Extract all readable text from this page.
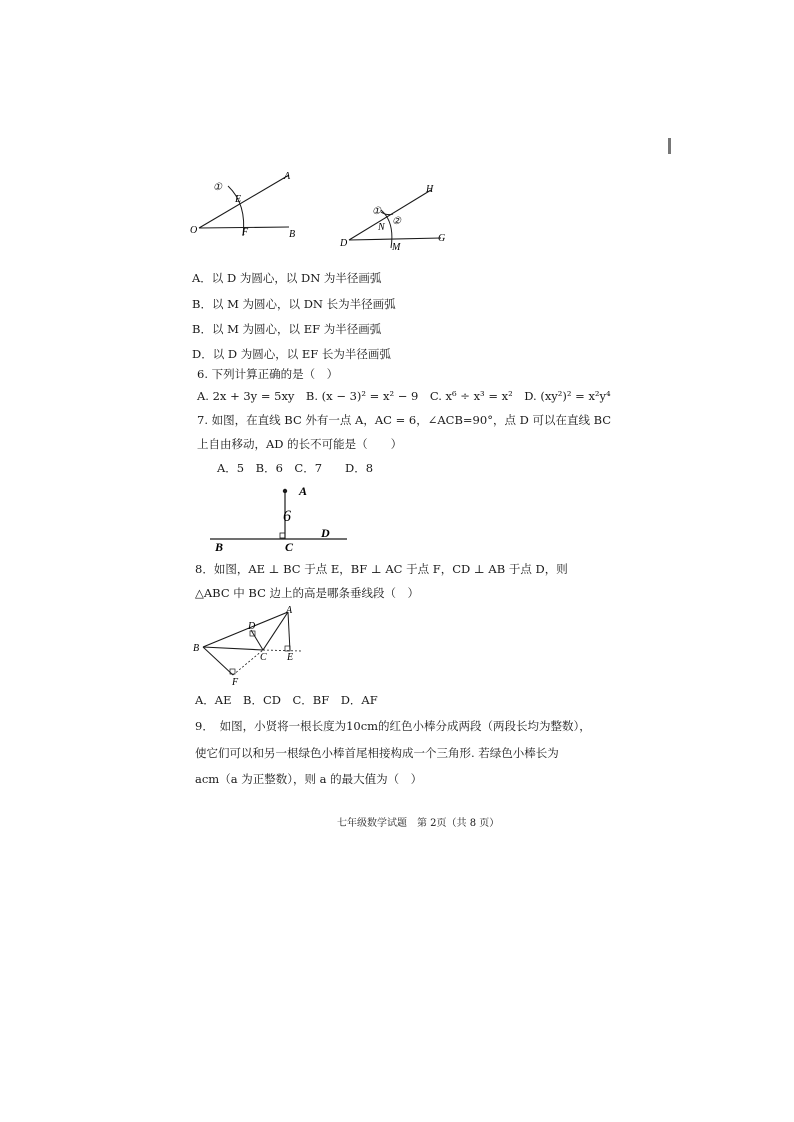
①
O
E
A
F	B
①
②
H
N
D	M
G
A．以 D 为圆心，以 DN 为半径画弧
B．以 M 为圆心，以 DN 长为半径画弧
B．以 M 为圆心，以 EF 为半径画弧
D．以 D 为圆心，以 EF 长为半径画弧
6. 下列计算正确的是（　）
A. 2x + 3y = 5xy　B. (x − 3)² = x² − 9　C. x⁶ ÷ x³ = x²　D. (xy²)² = x²y⁴
7. 如图，在直线 BC 外有一点 A，AC = 6，∠ACB=90°，点 D 可以在直线 BC
上自由移动，AD 的长不可能是（　　）
A．5　B．6　C．7　　D．8
A
6
D
B	C
8．如图，AE ⊥ BC 于点 E，BF ⊥ AC 于点 F，CD ⊥ AB 于点 D，则
△ABC 中 BC 边上的高是哪条垂线段（　）
A
D
B
C E
F
A．AE　B．CD　C．BF　D．AF
9．　如图，小贤将一根长度为10cm的红色小棒分成两段（两段长均为整数），
使它们可以和另一根绿色小棒首尾相接构成一个三角形. 若绿色小棒长为
acm（a 为正整数），则 a 的最大值为（　）
七年级数学试题　第 2页（共 8 页）
